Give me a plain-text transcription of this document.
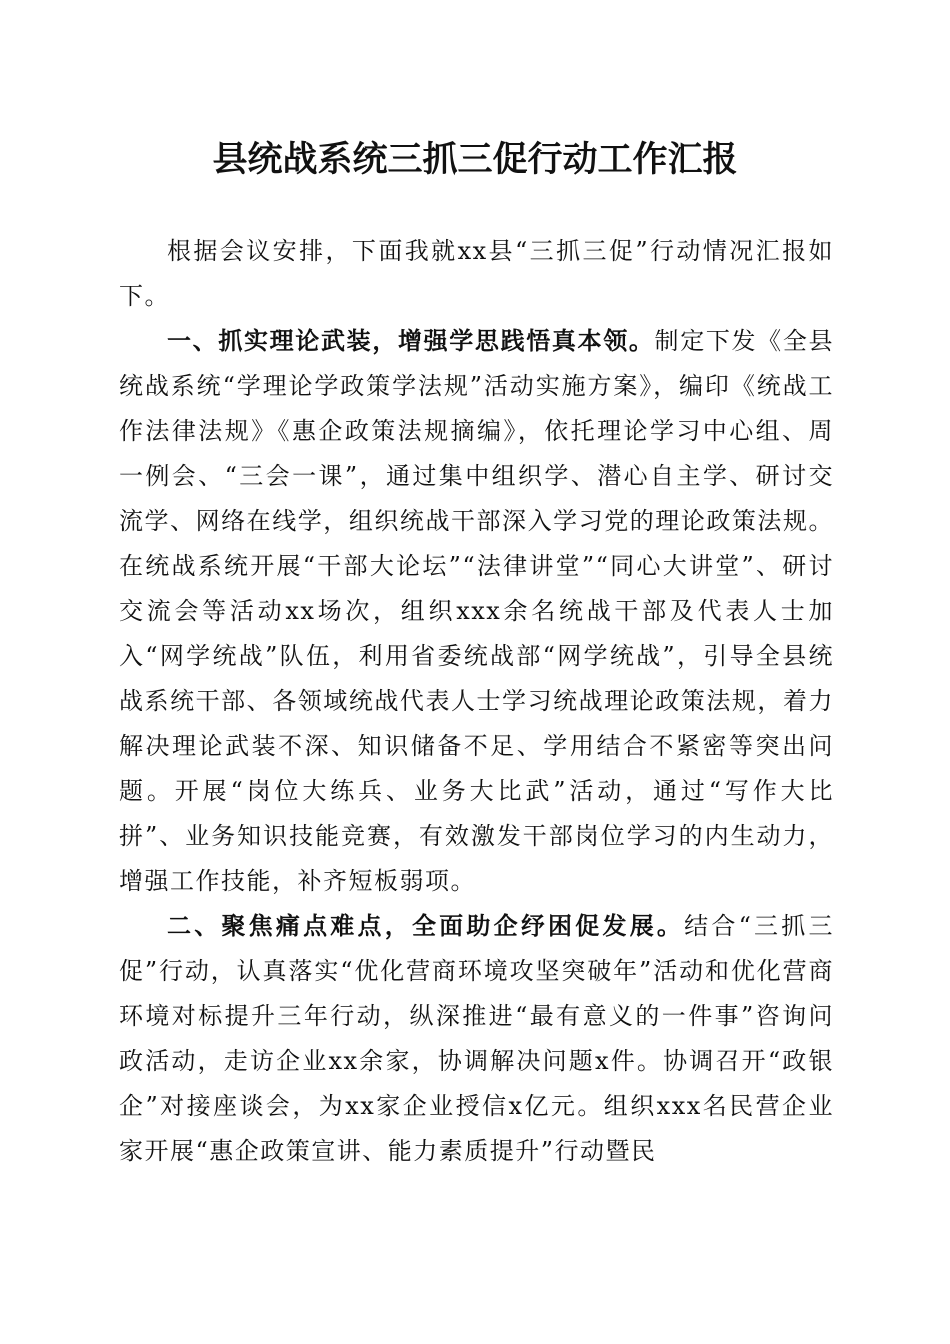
县统战系统三抓三促行动工作汇报

根据会议安排，下面我就xx县“三抓三促”行动情况汇报如下。

一、抓实理论武装，增强学思践悟真本领。制定下发《全县统战系统“学理论学政策学法规”活动实施方案》，编印《统战工作法律法规》《惠企政策法规摘编》，依托理论学习中心组、周一例会、“三会一课”，通过集中组织学、潜心自主学、研讨交流学、网络在线学，组织统战干部深入学习党的理论政策法规。在统战系统开展“干部大论坛”“法律讲堂”“同心大讲堂”、研讨交流会等活动xx场次，组织xxx余名统战干部及代表人士加入“网学统战”队伍，利用省委统战部“网学统战”，引导全县统战系统干部、各领域统战代表人士学习统战理论政策法规，着力解决理论武装不深、知识储备不足、学用结合不紧密等突出问题。开展“岗位大练兵、业务大比武”活动，通过“写作大比拼”、业务知识技能竞赛，有效激发干部岗位学习的内生动力，增强工作技能，补齐短板弱项。

二、聚焦痛点难点，全面助企纾困促发展。结合“三抓三促”行动，认真落实“优化营商环境攻坚突破年”活动和优化营商环境对标提升三年行动，纵深推进“最有意义的一件事”咨询问政活动，走访企业xx余家，协调解决问题x件。协调召开“政银企”对接座谈会，为xx家企业授信x亿元。组织xxx名民营企业家开展“惠企政策宣讲、能力素质提升”行动暨民
